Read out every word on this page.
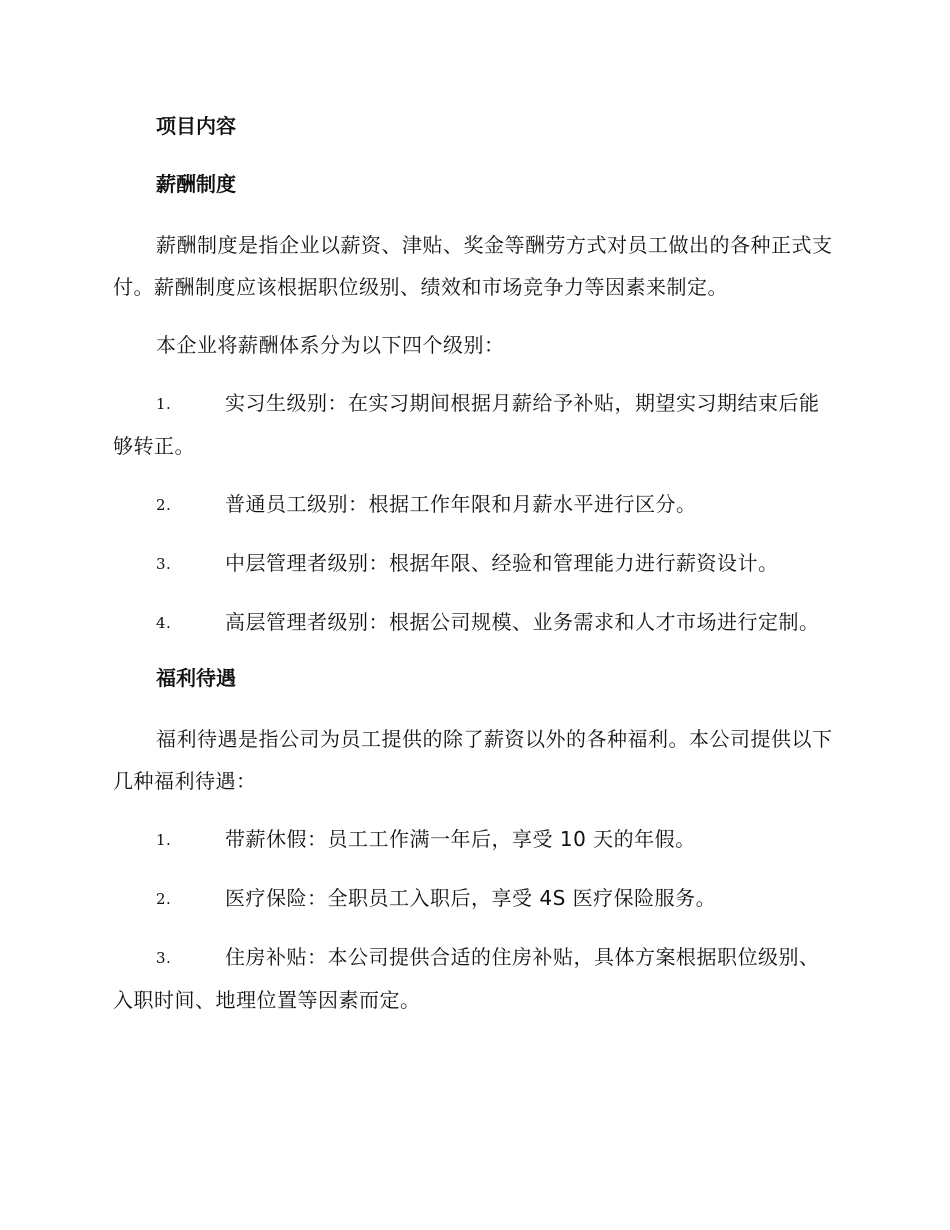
项目内容
薪酬制度

薪酬制度是指企业以薪资、津贴、奖金等酬劳方式对员工做出的各种正式支付。薪酬制度应该根据职位级别、绩效和市场竞争力等因素来制定。

本企业将薪酬体系分为以下四个级别：

1.	实习生级别：在实习期间根据月薪给予补贴，期望实习期结束后能够转正。

2.	普通员工级别：根据工作年限和月薪水平进行区分。

3.	中层管理者级别：根据年限、经验和管理能力进行薪资设计。

4.	高层管理者级别：根据公司规模、业务需求和人才市场进行定制。

福利待遇

福利待遇是指公司为员工提供的除了薪资以外的各种福利。本公司提供以下几种福利待遇：

1.	带薪休假：员工工作满一年后，享受 10 天的年假。

2.	医疗保险：全职员工入职后，享受 4S 医疗保险服务。

3.	住房补贴：本公司提供合适的住房补贴，具体方案根据职位级别、入职时间、地理位置等因素而定。
